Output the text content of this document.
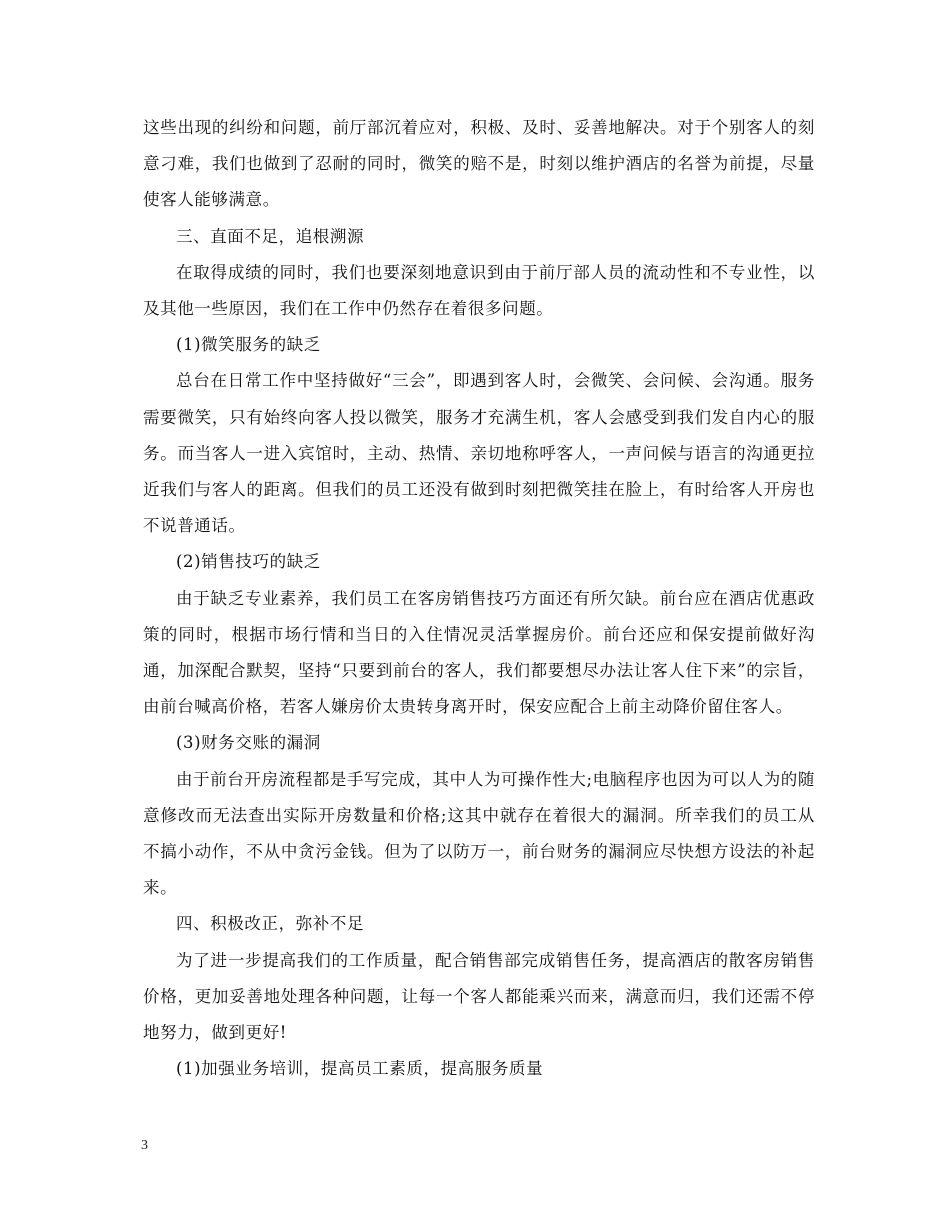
这些出现的纠纷和问题，前厅部沉着应对，积极、及时、妥善地解决。对于个别客人的刻意刁难，我们也做到了忍耐的同时，微笑的赔不是，时刻以维护酒店的名誉为前提，尽量使客人能够满意。

三、直面不足，追根溯源

在取得成绩的同时，我们也要深刻地意识到由于前厅部人员的流动性和不专业性，以及其他一些原因，我们在工作中仍然存在着很多问题。

(1)微笑服务的缺乏

总台在日常工作中坚持做好“三会”，即遇到客人时，会微笑、会问候、会沟通。服务需要微笑，只有始终向客人投以微笑，服务才充满生机，客人会感受到我们发自内心的服务。而当客人一进入宾馆时，主动、热情、亲切地称呼客人，一声问候与语言的沟通更拉近我们与客人的距离。但我们的员工还没有做到时刻把微笑挂在脸上，有时给客人开房也不说普通话。

(2)销售技巧的缺乏

由于缺乏专业素养，我们员工在客房销售技巧方面还有所欠缺。前台应在酒店优惠政策的同时，根据市场行情和当日的入住情况灵活掌握房价。前台还应和保安提前做好沟通，加深配合默契，坚持“只要到前台的客人，我们都要想尽办法让客人住下来”的宗旨，由前台喊高价格，若客人嫌房价太贵转身离开时，保安应配合上前主动降价留住客人。

(3)财务交账的漏洞

由于前台开房流程都是手写完成，其中人为可操作性大;电脑程序也因为可以人为的随意修改而无法查出实际开房数量和价格;这其中就存在着很大的漏洞。所幸我们的员工从不搞小动作，不从中贪污金钱。但为了以防万一，前台财务的漏洞应尽快想方设法的补起来。

四、积极改正，弥补不足

为了进一步提高我们的工作质量，配合销售部完成销售任务，提高酒店的散客房销售价格，更加妥善地处理各种问题，让每一个客人都能乘兴而来，满意而归，我们还需不停地努力，做到更好!

(1)加强业务培训，提高员工素质，提高服务质量

3
